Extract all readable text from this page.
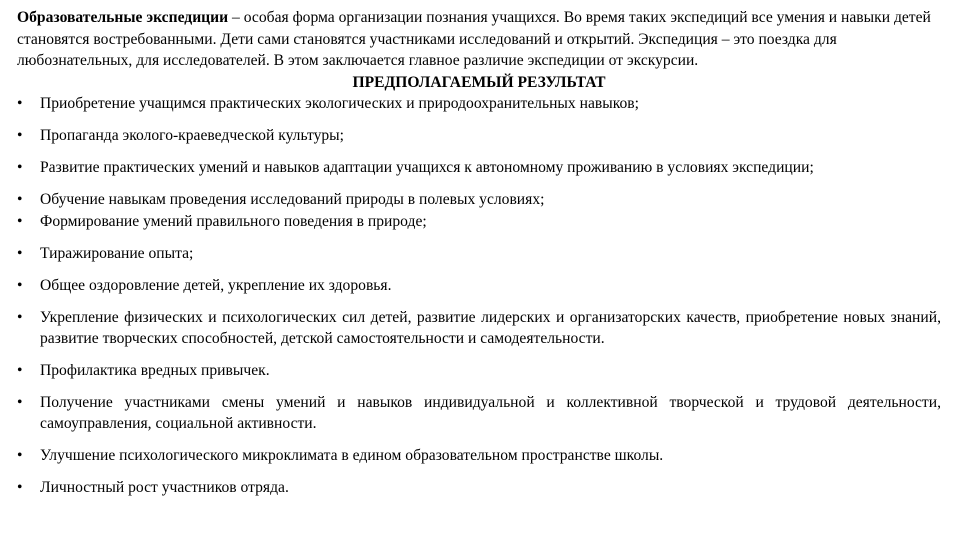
Образовательные экспедиции – особая форма организации познания учащихся. Во время таких экспедиций все умения и навыки детей становятся востребованными. Дети сами становятся участниками исследований и открытий. Экспедиция – это поездка для любознательных, для исследователей. В этом заключается главное различие экспедиции от экскурсии.

ПРЕДПОЛАГАЕМЫЙ РЕЗУЛЬТАТ
•	Приобретение учащимся практических экологических и природоохранительных навыков;
•	Пропаганда эколого-краеведческой культуры;
•	Развитие практических умений и навыков адаптации учащихся к автономному проживанию в условиях экспедиции;
•	Обучение навыкам проведения исследований природы в полевых условиях;
•	Формирование умений правильного поведения в природе;
•	Тиражирование опыта;
•	Общее оздоровление детей, укрепление их здоровья.
•	Укрепление физических и психологических сил детей, развитие лидерских и организаторских качеств, приобретение новых знаний, развитие творческих способностей, детской самостоятельности и самодеятельности.
•	Профилактика вредных привычек.
•	Получение участниками смены умений и навыков индивидуальной и коллективной творческой и трудовой деятельности, самоуправления, социальной активности.
•	Улучшение психологического микроклимата в едином образовательном пространстве школы.
•	Личностный рост участников отряда.
